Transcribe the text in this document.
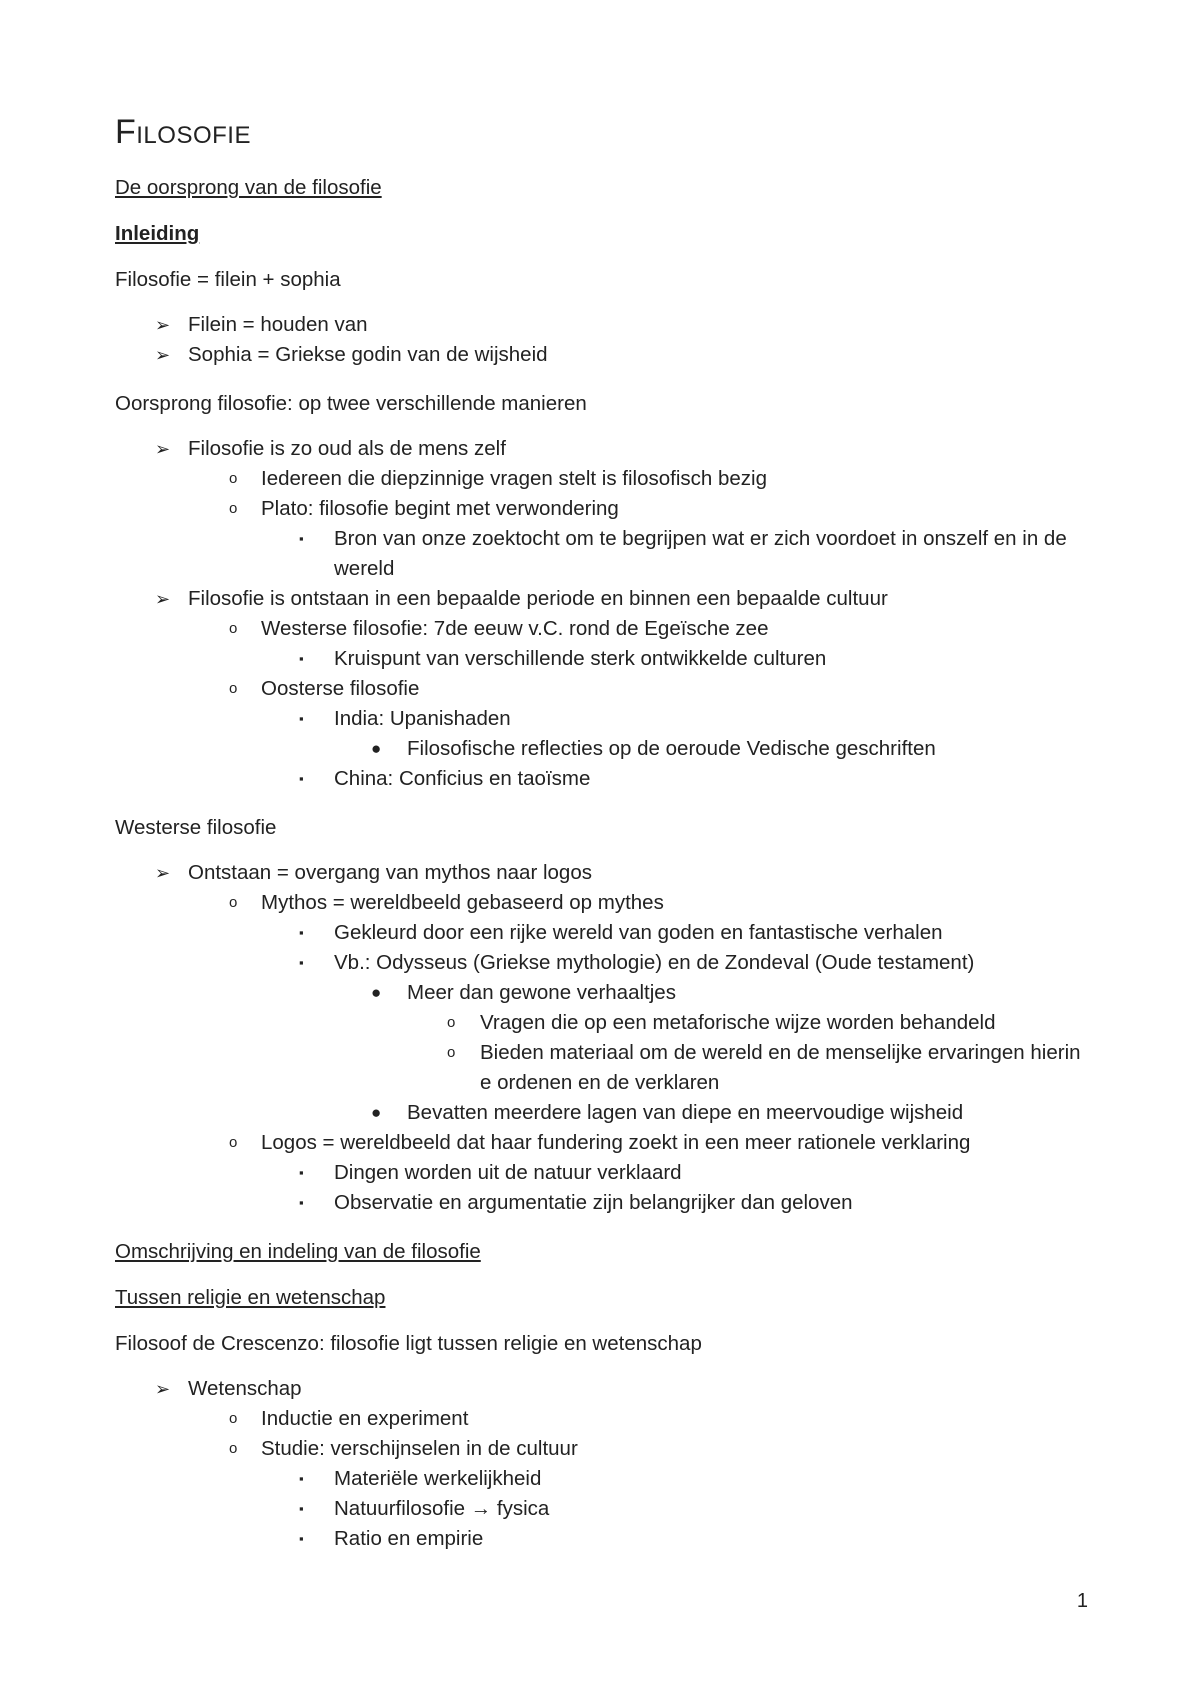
Filosofie
De oorsprong van de filosofie
Inleiding
Filosofie = filein + sophia
➢ Filein = houden van
➢ Sophia = Griekse godin van de wijsheid
Oorsprong filosofie: op twee verschillende manieren
➢ Filosofie is zo oud als de mens zelf
o Iedereen die diepzinnige vragen stelt is filosofisch bezig
o Plato: filosofie begint met verwondering
▪ Bron van onze zoektocht om te begrijpen wat er zich voordoet in onszelf en in de wereld
➢ Filosofie is ontstaan in een bepaalde periode en binnen een bepaalde cultuur
o Westerse filosofie: 7de eeuw v.C. rond de Egeïsche zee
▪ Kruispunt van verschillende sterk ontwikkelde culturen
o Oosterse filosofie
▪ India: Upanishaden
● Filosofische reflecties op de oeroude Vedische geschriften
▪ China: Conficius en taoïsme
Westerse filosofie
➢ Ontstaan = overgang van mythos naar logos
o Mythos = wereldbeeld gebaseerd op mythes
▪ Gekleurd door een rijke wereld van goden en fantastische verhalen
▪ Vb.: Odysseus (Griekse mythologie) en de Zondeval (Oude testament)
● Meer dan gewone verhaaltjes
o Vragen die op een metaforische wijze worden behandeld
o Bieden materiaal om de wereld en de menselijke ervaringen hierin e ordenen en de verklaren
● Bevatten meerdere lagen van diepe en meervoudige wijsheid
o Logos = wereldbeeld dat haar fundering zoekt in een meer rationele verklaring
▪ Dingen worden uit de natuur verklaard
▪ Observatie en argumentatie zijn belangrijker dan geloven
Omschrijving en indeling van de filosofie
Tussen religie en wetenschap
Filosoof de Crescenzo: filosofie ligt tussen religie en wetenschap
➢ Wetenschap
o Inductie en experiment
o Studie: verschijnselen in de cultuur
▪ Materiële werkelijkheid
▪ Natuurfilosofie → fysica
▪ Ratio en empirie
1
